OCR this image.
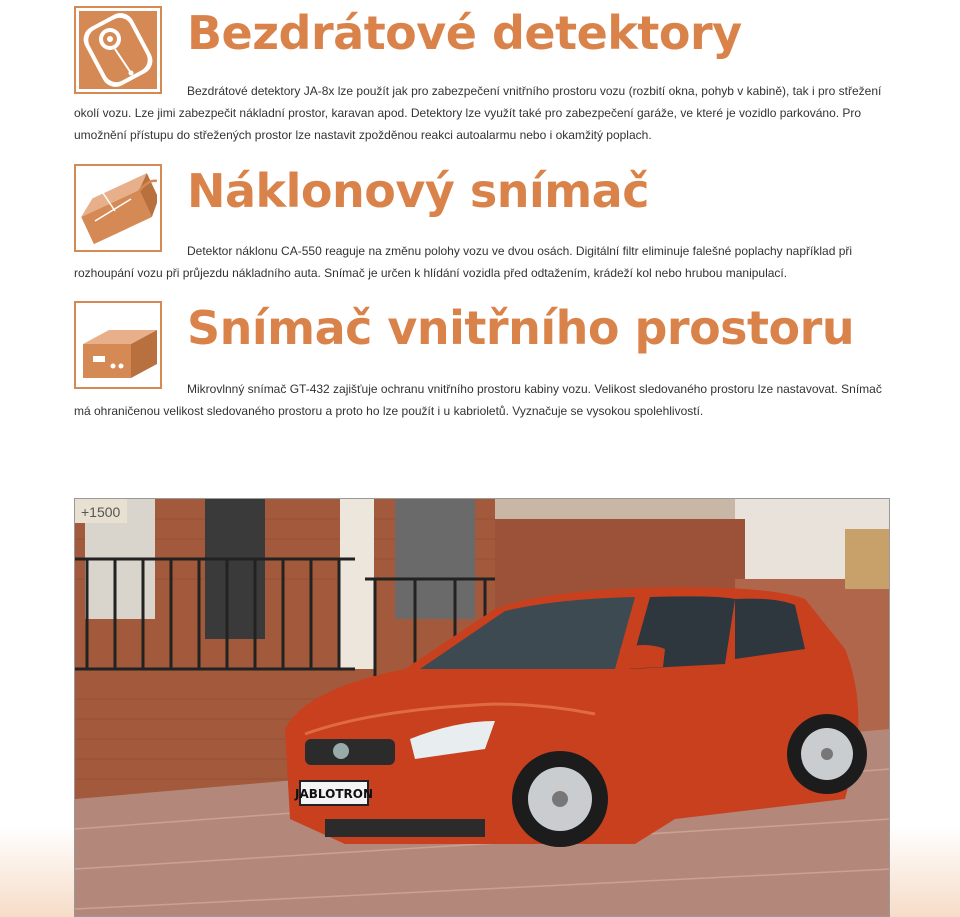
Bezdrátové detektory

Bezdrátové detektory JA-8x lze použít jak pro zabezpečení vnitřního prostoru vozu (rozbití okna, pohyb v kabině), tak i pro střežení okolí vozu. Lze jimi zabezpečit nákladní prostor, karavan apod. Detektory lze využít také pro zabezpečení garáže, ve které je vozidlo parkováno. Pro umožnění přístupu do střežených prostor lze nastavit zpožděnou reakci autoalarmu nebo i okamžitý poplach.

Náklonový snímač

Detektor náklonu CA-550 reaguje na změnu polohy vozu ve dvou osách. Digitální filtr eliminuje falešné poplachy například při rozhoupání vozu při průjezdu nákladního auta. Snímač je určen k hlídání vozidla před odtažením, krádeží kol nebo hrubou manipulací.

Snímač vnitřního prostoru

Mikrovlnný snímač GT-432 zajišťuje ochranu vnitřního prostoru kabiny vozu. Velikost sledovaného prostoru lze nastavovat. Snímač má ohraničenou velikost sledovaného prostoru a proto ho lze použít i u kabrioletů. Vyznačuje se vysokou spolehlivostí.

+1500
JABLOTRON
